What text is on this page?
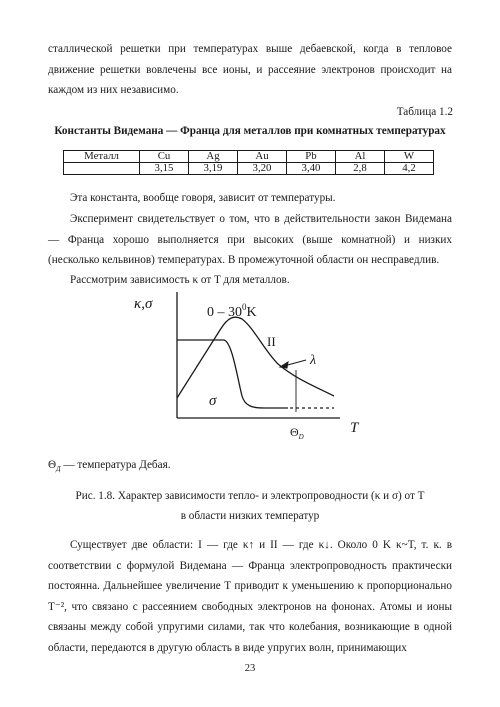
сталлической решетки при температурах выше дебаевской, когда в тепловое движение решетки вовлечены все ионы, и рассеяние электронов происходит на каждом из них независимо.

Таблица 1.2
Константы Видемана — Франца для металлов при комнатных температурах
Металл	Cu	Ag	Au	Pb	Al	W
	3,15	3,19	3,20	3,40	2,8	4,2

Эта константа, вообще говоря, зависит от температуры.

Эксперимент свидетельствует о том, что в действительности закон Видемана — Франца хорошо выполняется при высоких (выше комнатной) и низких (несколько кельвинов) температурах. В промежуточной области он несправедлив.

Рассмотрим зависимость κ от T для металлов.

κ,σ
T
$0 - 30^0K$
II
λ
σ
$\Theta_D$
$\Theta_Д$ — температура Дебая.
Рис. 1.8. Характер зависимости тепло- и электропроводности (κ и σ) от T
в области низких температур

Существует две области: I — где κ↑ и II — где κ↓. Около 0 K κ~T, т. к. в соответствии с формулой Видемана — Франца электропроводность практически постоянна. Дальнейшее увеличение T приводит к уменьшению κ пропорционально T⁻², что связано с рассеянием свободных электронов на фононах. Атомы и ионы связаны между собой упругими силами, так что колебания, возникающие в одной области, передаются в другую область в виде упругих волн, принимающих

23
